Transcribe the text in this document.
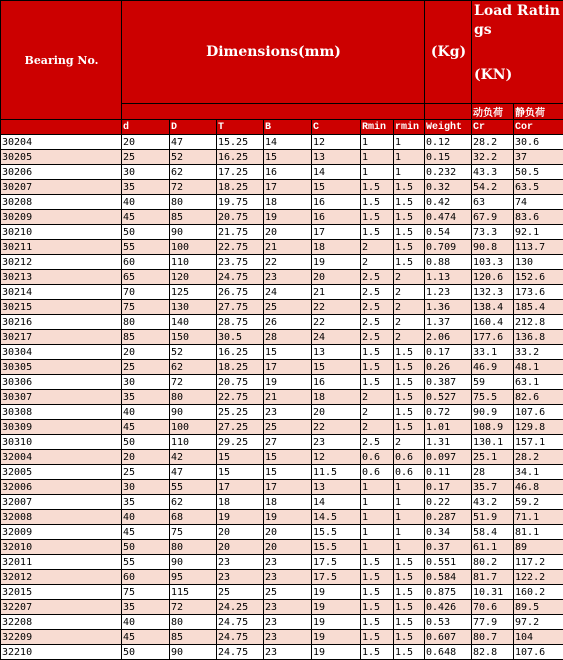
Bearing No.	Dimensions(mm)							(Kg)	Load Ratings
(KN)	

									动负荷	静负荷
	d	D	T	B	C	Rmin	rmin	Weight	Cr	Cor
30204	20	47	15.25	14	12	1	1	0.12	28.2	30.6
30205	25	52	16.25	15	13	1	1	0.15	32.2	37
30206	30	62	17.25	16	14	1	1	0.232	43.3	50.5
30207	35	72	18.25	17	15	1.5	1.5	0.32	54.2	63.5
30208	40	80	19.75	18	16	1.5	1.5	0.42	63	74
30209	45	85	20.75	19	16	1.5	1.5	0.474	67.9	83.6
30210	50	90	21.75	20	17	1.5	1.5	0.54	73.3	92.1
30211	55	100	22.75	21	18	2	1.5	0.709	90.8	113.7
30212	60	110	23.75	22	19	2	1.5	0.88	103.3	130
30213	65	120	24.75	23	20	2.5	2	1.13	120.6	152.6
30214	70	125	26.75	24	21	2.5	2	1.23	132.3	173.6
30215	75	130	27.75	25	22	2.5	2	1.36	138.4	185.4
30216	80	140	28.75	26	22	2.5	2	1.37	160.4	212.8
30217	85	150	30.5	28	24	2.5	2	2.06	177.6	136.8
30304	20	52	16.25	15	13	1.5	1.5	0.17	33.1	33.2
30305	25	62	18.25	17	15	1.5	1.5	0.26	46.9	48.1
30306	30	72	20.75	19	16	1.5	1.5	0.387	59	63.1
30307	35	80	22.75	21	18	2	1.5	0.527	75.5	82.6
30308	40	90	25.25	23	20	2	1.5	0.72	90.9	107.6
30309	45	100	27.25	25	22	2	1.5	1.01	108.9	129.8
30310	50	110	29.25	27	23	2.5	2	1.31	130.1	157.1
32004	20	42	15	15	12	0.6	0.6	0.097	25.1	28.2
32005	25	47	15	15	11.5	0.6	0.6	0.11	28	34.1
32006	30	55	17	17	13	1	1	0.17	35.7	46.8
32007	35	62	18	18	14	1	1	0.22	43.2	59.2
32008	40	68	19	19	14.5	1	1	0.287	51.9	71.1
32009	45	75	20	20	15.5	1	1	0.34	58.4	81.1
32010	50	80	20	20	15.5	1	1	0.37	61.1	89
32011	55	90	23	23	17.5	1.5	1.5	0.551	80.2	117.2
32012	60	95	23	23	17.5	1.5	1.5	0.584	81.7	122.2
32015	75	115	25	25	19	1.5	1.5	0.875	10.31	160.2
32207	35	72	24.25	23	19	1.5	1.5	0.426	70.6	89.5
32208	40	80	24.75	23	19	1.5	1.5	0.53	77.9	97.2
32209	45	85	24.75	23	19	1.5	1.5	0.607	80.7	104
32210	50	90	24.75	23	19	1.5	1.5	0.648	82.8	107.6
